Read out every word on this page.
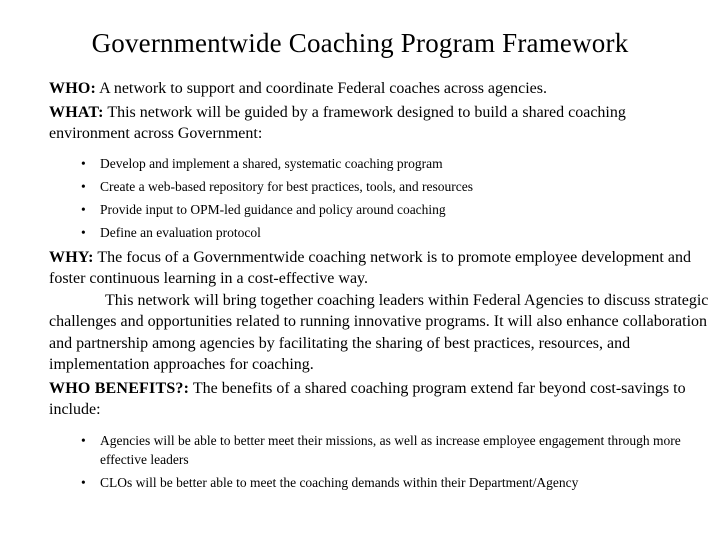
Governmentwide Coaching Program Framework

WHO: A network to support and coordinate Federal coaches across agencies.

WHAT: This network will be guided by a framework designed to build a shared coaching environment across Government:

• Develop and implement a shared, systematic coaching program
• Create a web-based repository for best practices, tools, and resources
• Provide input to OPM-led guidance and policy around coaching
• Define an evaluation protocol

WHY: The focus of a Governmentwide coaching network is to promote employee development and foster continuous learning in a cost-effective way.

This network will bring together coaching leaders within Federal Agencies to discuss strategic challenges and opportunities related to running innovative programs. It will also enhance collaboration and partnership among agencies by facilitating the sharing of best practices, resources, and implementation approaches for coaching.

WHO BENEFITS?: The benefits of a shared coaching program extend far beyond cost-savings to include:

• Agencies will be able to better meet their missions, as well as increase employee engagement through more effective leaders
• CLOs will be better able to meet the coaching demands within their Department/Agency
